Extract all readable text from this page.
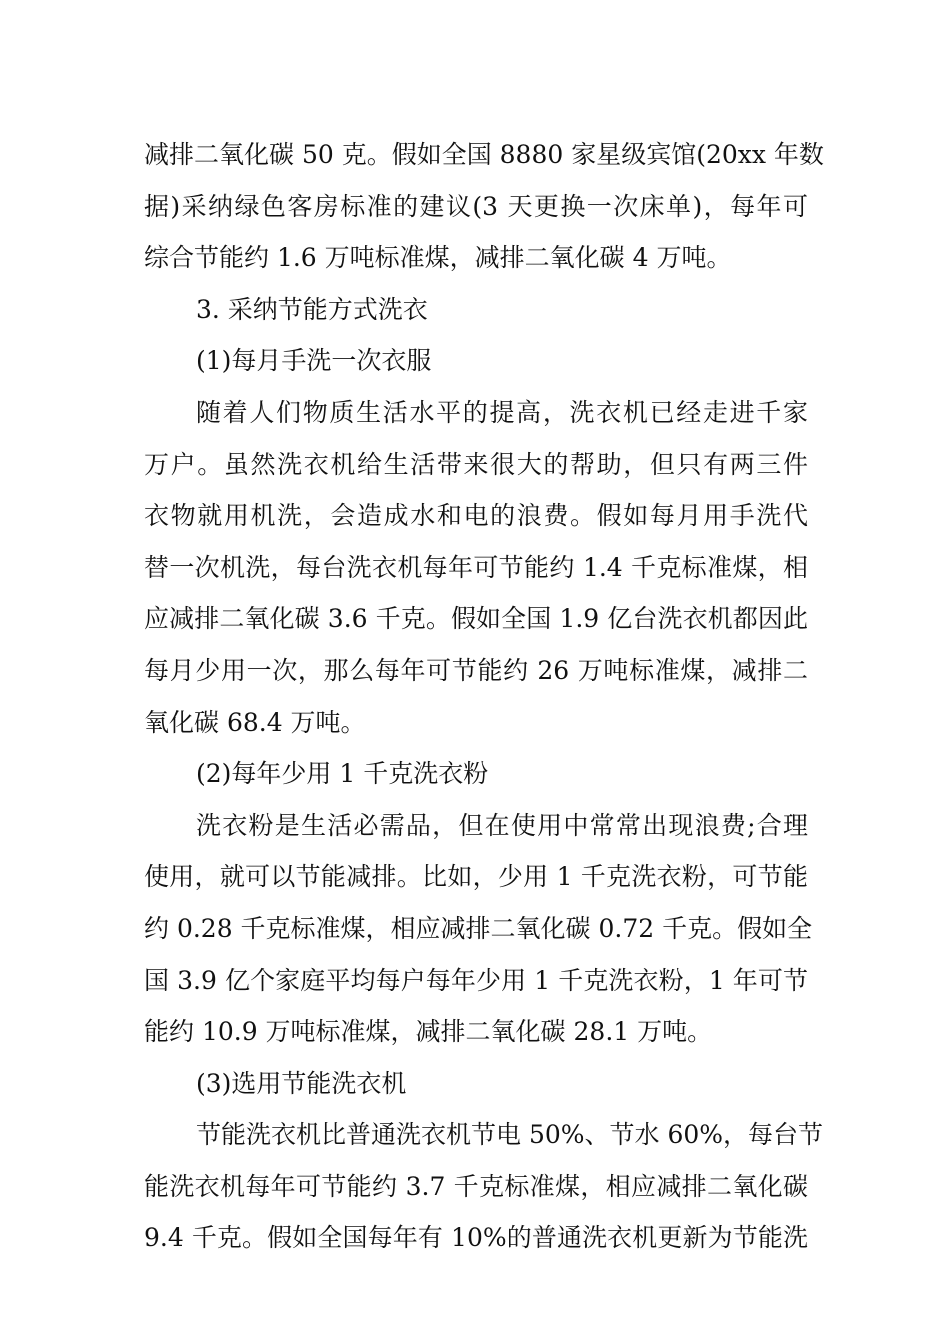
减排二氧化碳 50 克。假如全国 8880 家星级宾馆(20xx 年数
据)采纳绿色客房标准的建议(3 天更换一次床单)，每年可
综合节能约 1.6 万吨标准煤，减排二氧化碳 4 万吨。
3. 采纳节能方式洗衣
(1)每月手洗一次衣服
随着人们物质生活水平的提高，洗衣机已经走进千家
万户。虽然洗衣机给生活带来很大的帮助，但只有两三件
衣物就用机洗，会造成水和电的浪费。假如每月用手洗代
替一次机洗，每台洗衣机每年可节能约 1.4 千克标准煤，相
应减排二氧化碳 3.6 千克。假如全国 1.9 亿台洗衣机都因此
每月少用一次，那么每年可节能约 26 万吨标准煤，减排二
氧化碳 68.4 万吨。
(2)每年少用 1 千克洗衣粉
洗衣粉是生活必需品，但在使用中常常出现浪费;合理
使用，就可以节能减排。比如，少用 1 千克洗衣粉，可节能
约 0.28 千克标准煤，相应减排二氧化碳 0.72 千克。假如全
国 3.9 亿个家庭平均每户每年少用 1 千克洗衣粉，1 年可节
能约 10.9 万吨标准煤，减排二氧化碳 28.1 万吨。
(3)选用节能洗衣机
节能洗衣机比普通洗衣机节电 50%、节水 60%，每台节
能洗衣机每年可节能约 3.7 千克标准煤，相应减排二氧化碳
9.4 千克。假如全国每年有 10%的普通洗衣机更新为节能洗
